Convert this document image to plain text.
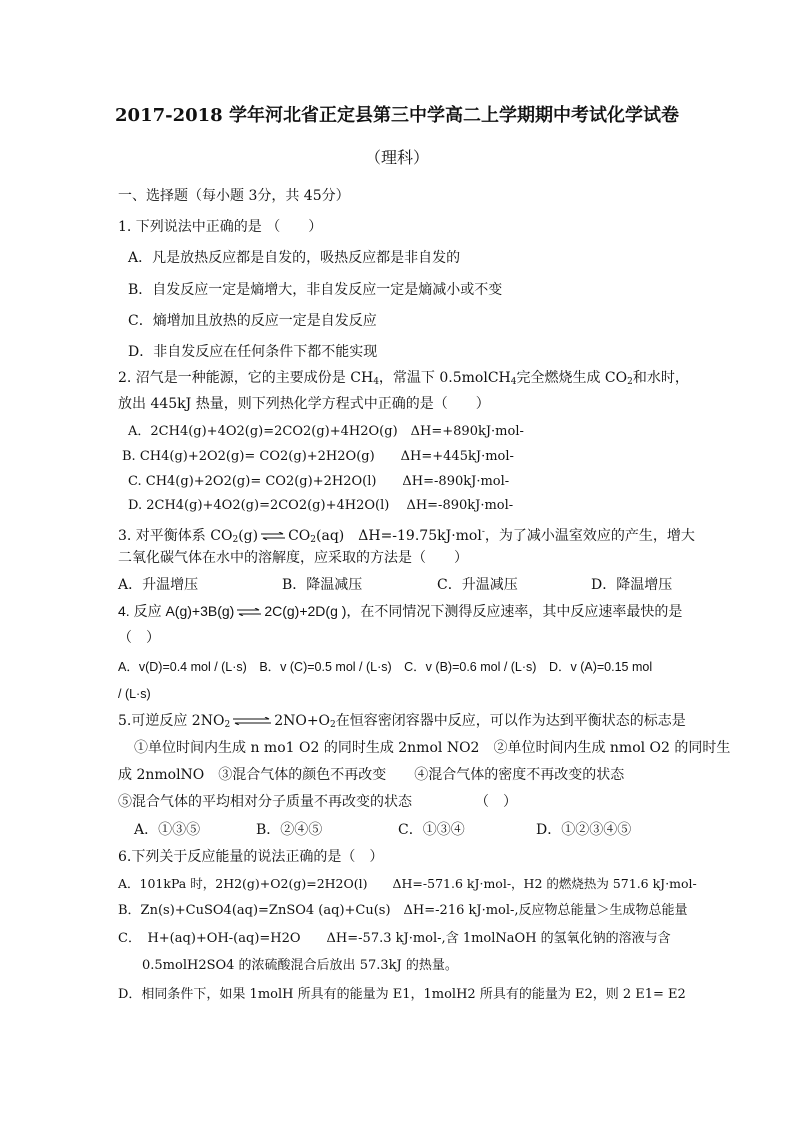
2017-2018 学年河北省正定县第三中学高二上学期期中考试化学试卷
（理科）
一、选择题（每小题 3分，共 45分）
1. 下列说法中正确的是 （　　）
A．凡是放热反应都是自发的，吸热反应都是非自发的
B．自发反应一定是熵增大，非自发反应一定是熵减小或不变
C．熵增加且放热的反应一定是自发反应
D．非自发反应在任何条件下都不能实现
2. 沼气是一种能源，它的主要成份是 $CH_4$，常温下 0.5molCH$_4$完全燃烧生成 $CO_2$和水时，
放出 445kJ 热量，则下列热化学方程式中正确的是（　　）
A．2CH4(g)+4O2(g)=2CO2(g)+4H2O(g)　ΔH=+890kJ·mol-
B. CH4(g)+2O2(g)= CO2(g)+2H2O(g)　　ΔH=+445kJ·mol-
C. CH4(g)+2O2(g)= CO2(g)+2H2O(l)　　ΔH=-890kJ·mol-
D. 2CH4(g)+4O2(g)=2CO2(g)+4H2O(l)　 ΔH=-890kJ·mol-
3. 对平衡体系 $CO_2(g)$ ⇌ $CO_2(aq)$　ΔH=-19.75kJ·mol-，为了减小温室效应的产生，增大
二氧化碳气体在水中的溶解度，应采取的方法是（　　）
A．升温增压	B．降温减压	C．升温减压	D．降温增压
4. 反应 A(g)+3B(g) ⇌ 2C(g)+2D(g )，在不同情况下测得反应速率，其中反应速率最快的是
（　）
A．v(D)=0.4 mol / (L·s)　B．v (C)=0.5 mol / (L·s)　C．v (B)=0.6 mol / (L·s)　D．v (A)=0.15 mol
/ (L·s)
5.可逆反应 $2NO_2$ ⇌ $2NO+O_2$在恒容密闭容器中反应，可以作为达到平衡状态的标志是
①单位时间内生成 n mo1 O2 的同时生成 2nmol NO2　②单位时间内生成 nmol O2 的同时生
成 2nmolNO　③混合气体的颜色不再改变　　④混合气体的密度不再改变的状态
⑤混合气体的平均相对分子质量不再改变的状态　　　　　（　）
A．①③⑤	B．②④⑤	C．①③④	D．①②③④⑤
6.下列关于反应能量的说法正确的是（　）
A．101kPa 时，2H2(g)+O2(g)=2H2O(l)　　ΔH=-571.6 kJ·mol-，H2 的燃烧热为 571.6 kJ·mol-
B．Zn(s)+CuSO4(aq)=ZnSO4 (aq)+Cu(s)　ΔH=-216 kJ·mol-,反应物总能量＞生成物总能量
C．　H+(aq)+OH-(aq)=H2O　　ΔH=-57.3 kJ·mol-,含 1molNaOH 的氢氧化钠的溶液与含
0.5molH2SO4 的浓硫酸混合后放出 57.3kJ 的热量。
D．相同条件下，如果 1molH 所具有的能量为 E1，1molH2 所具有的能量为 E2，则 2 E1= E2
